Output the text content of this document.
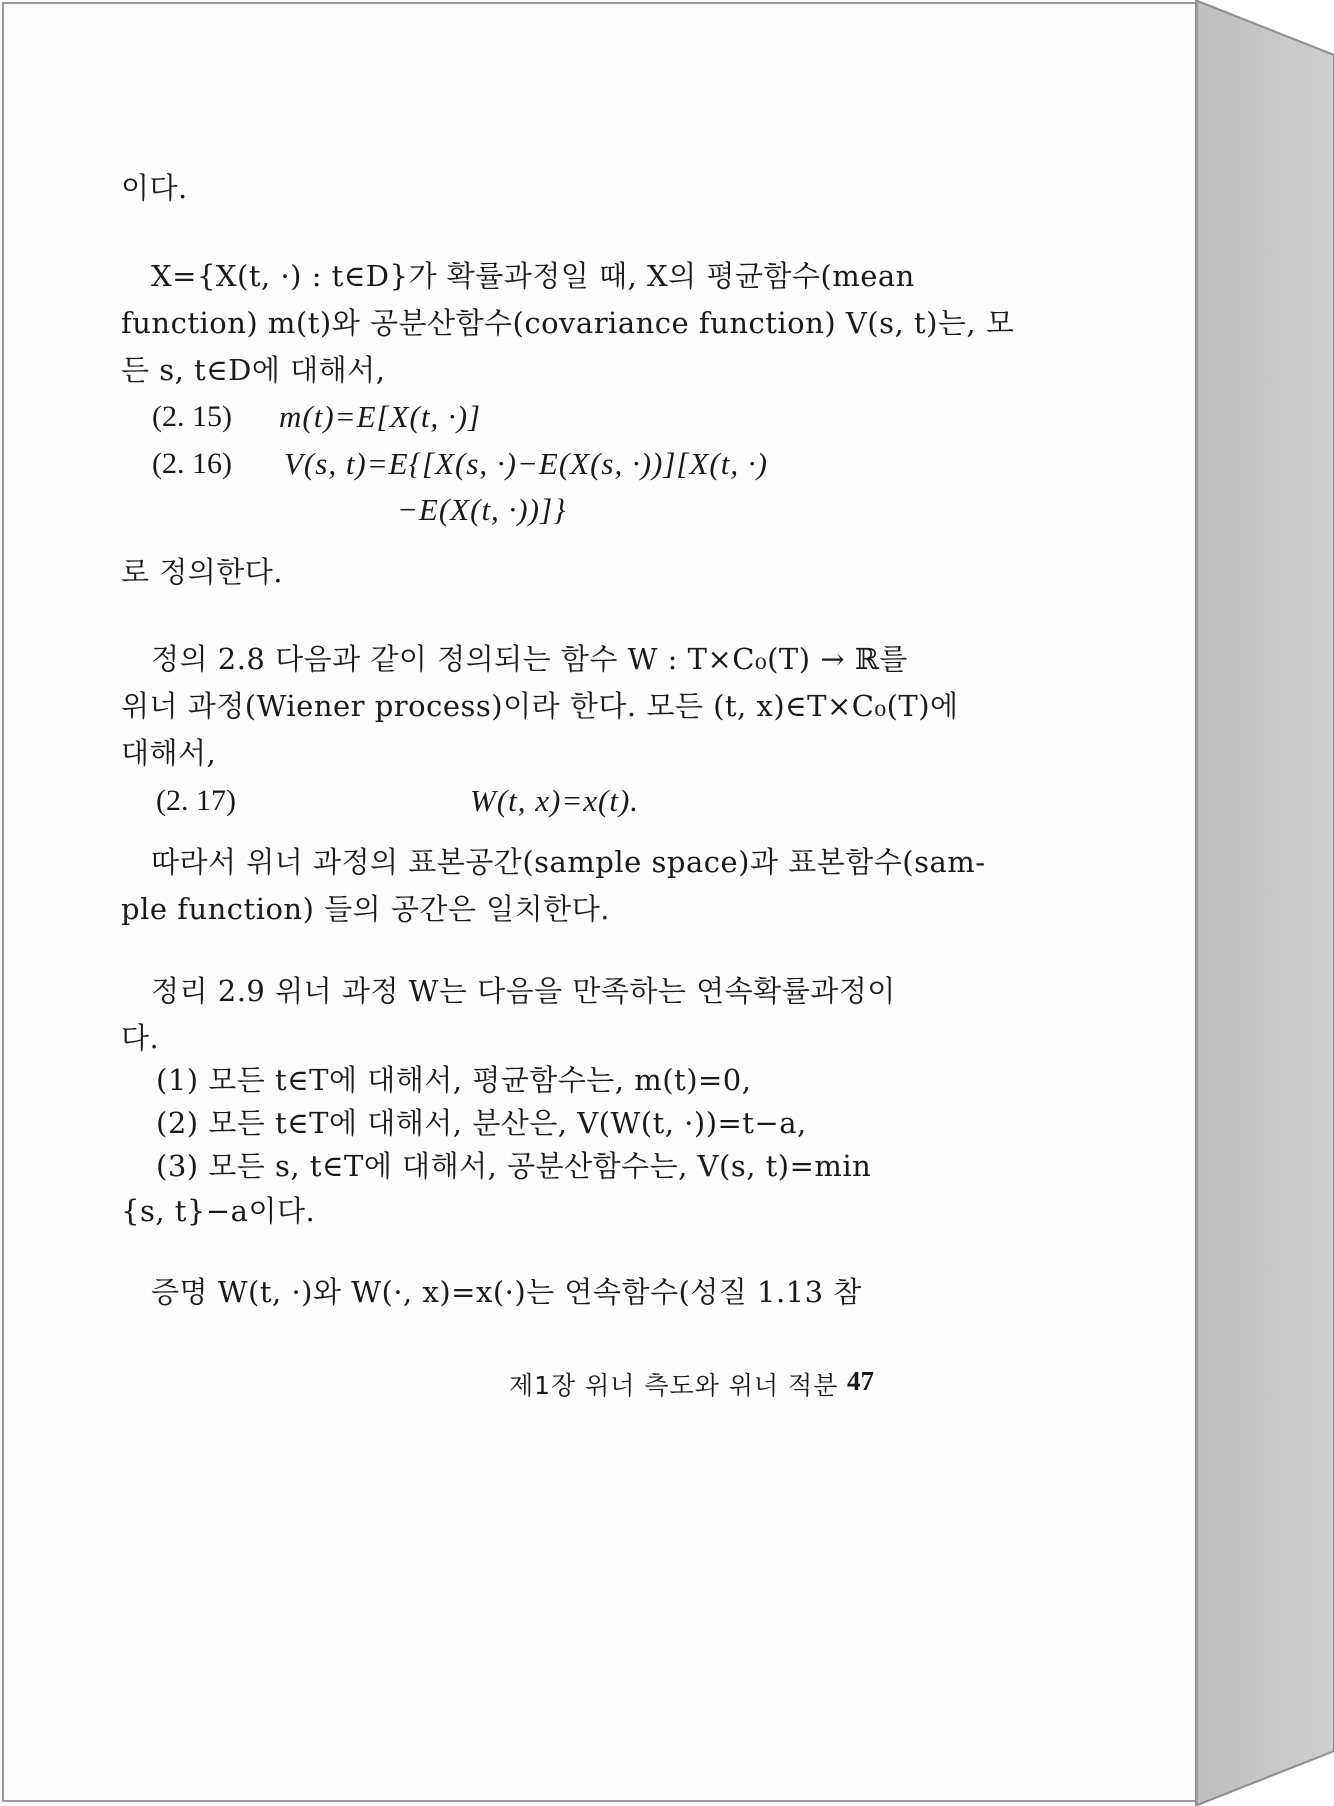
이다.
X={X(t, ·) : t∈D}가 확률과정일 때, X의 평균함수(mean
function) m(t)와 공분산함수(covariance function) V(s, t)는, 모
든 s, t∈D에 대해서,
(2. 15) m(t)=E[X(t, ·)]
(2. 16) V(s, t)=E{[X(s, ·)−E(X(s, ·))][X(t, ·)
−E(X(t, ·))]}
로 정의한다.
정의 2.8 다음과 같이 정의되는 함수 W : T×C₀(T) → ℝ를
위너 과정(Wiener process)이라 한다. 모든 (t, x)∈T×C₀(T)에
대해서,
(2. 17)	W(t, x)=x(t).
따라서 위너 과정의 표본공간(sample space)과 표본함수(sam-
ple function) 들의 공간은 일치한다.
정리 2.9 위너 과정 W는 다음을 만족하는 연속확률과정이
다.
(1) 모든 t∈T에 대해서, 평균함수는, m(t)=0,
(2) 모든 t∈T에 대해서, 분산은, V(W(t, ·))=t−a,
(3) 모든 s, t∈T에 대해서, 공분산함수는, V(s, t)=min
{s, t}−a이다.
증명 W(t, ·)와 W(·, x)=x(·)는 연속함수(성질 1.13 참
제1장 위너 측도와 위너 적분 47
